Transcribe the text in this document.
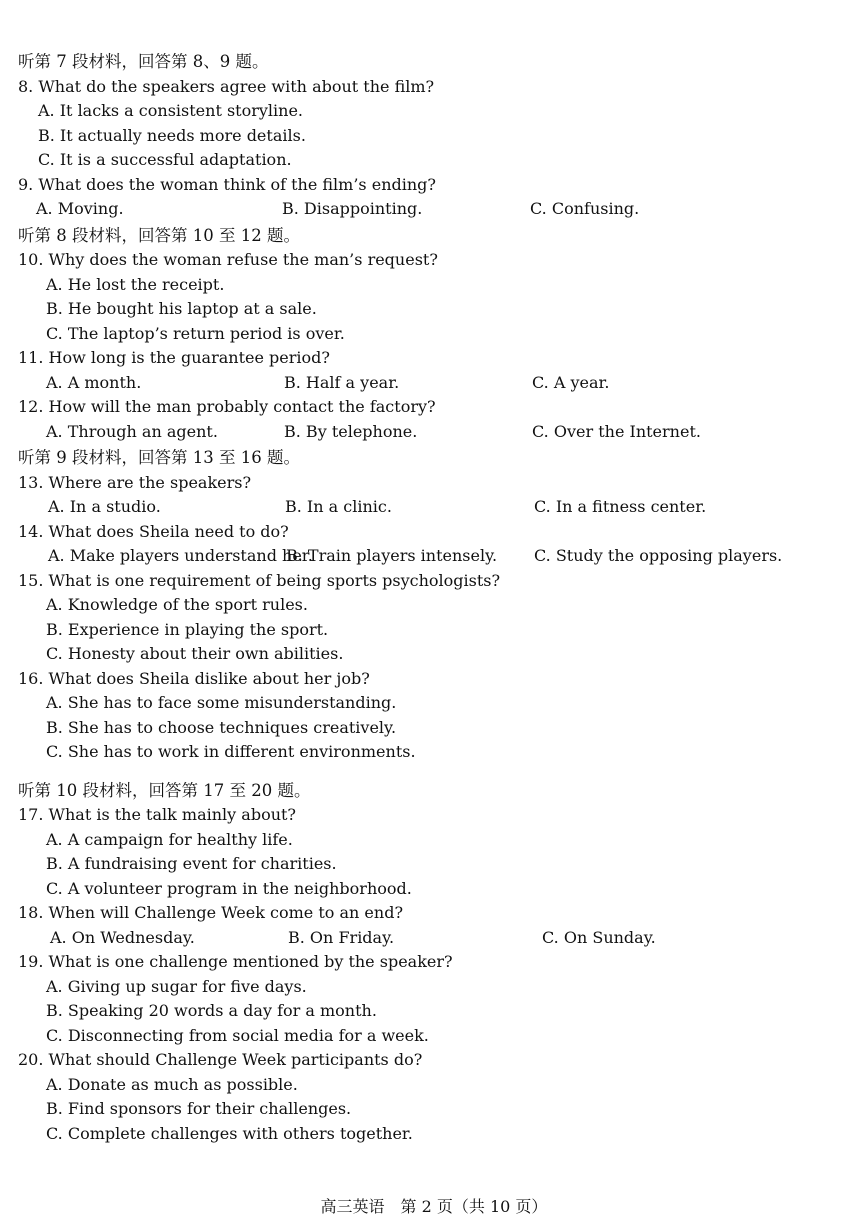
听第 7 段材料，回答第 8、9 题。
8. What do the speakers agree with about the film?
A. It lacks a consistent storyline.
B. It actually needs more details.
C. It is a successful adaptation.
9. What does the woman think of the film’s ending?
A. Moving.	B. Disappointing.	C. Confusing.
听第 8 段材料，回答第 10 至 12 题。
10. Why does the woman refuse the man’s request?
A. He lost the receipt.
B. He bought his laptop at a sale.
C. The laptop’s return period is over.
11. How long is the guarantee period?
A. A month.	B. Half a year.	C. A year.
12. How will the man probably contact the factory?
A. Through an agent.	B. By telephone.	C. Over the Internet.
听第 9 段材料，回答第 13 至 16 题。
13. Where are the speakers?
A. In a studio.	B. In a clinic.	C. In a fitness center.
14. What does Sheila need to do?
A. Make players understand her.
B. Train players intensely. C. Study the opposing players.
15. What is one requirement of being sports psychologists?
A. Knowledge of the sport rules.
B. Experience in playing the sport.
C. Honesty about their own abilities.
16. What does Sheila dislike about her job?
A. She has to face some misunderstanding.
B. She has to choose techniques creatively.
C. She has to work in different environments.
听第 10 段材料，回答第 17 至 20 题。
17. What is the talk mainly about?
A. A campaign for healthy life.
B. A fundraising event for charities.
C. A volunteer program in the neighborhood.
18. When will Challenge Week come to an end?
A. On Wednesday.	B. On Friday.	C. On Sunday.
19. What is one challenge mentioned by the speaker?
A. Giving up sugar for five days.
B. Speaking 20 words a day for a month.
C. Disconnecting from social media for a week.
20. What should Challenge Week participants do?
A. Donate as much as possible.
B. Find sponsors for their challenges.
C. Complete challenges with others together.
高三英语　第 2 页（共 10 页）
